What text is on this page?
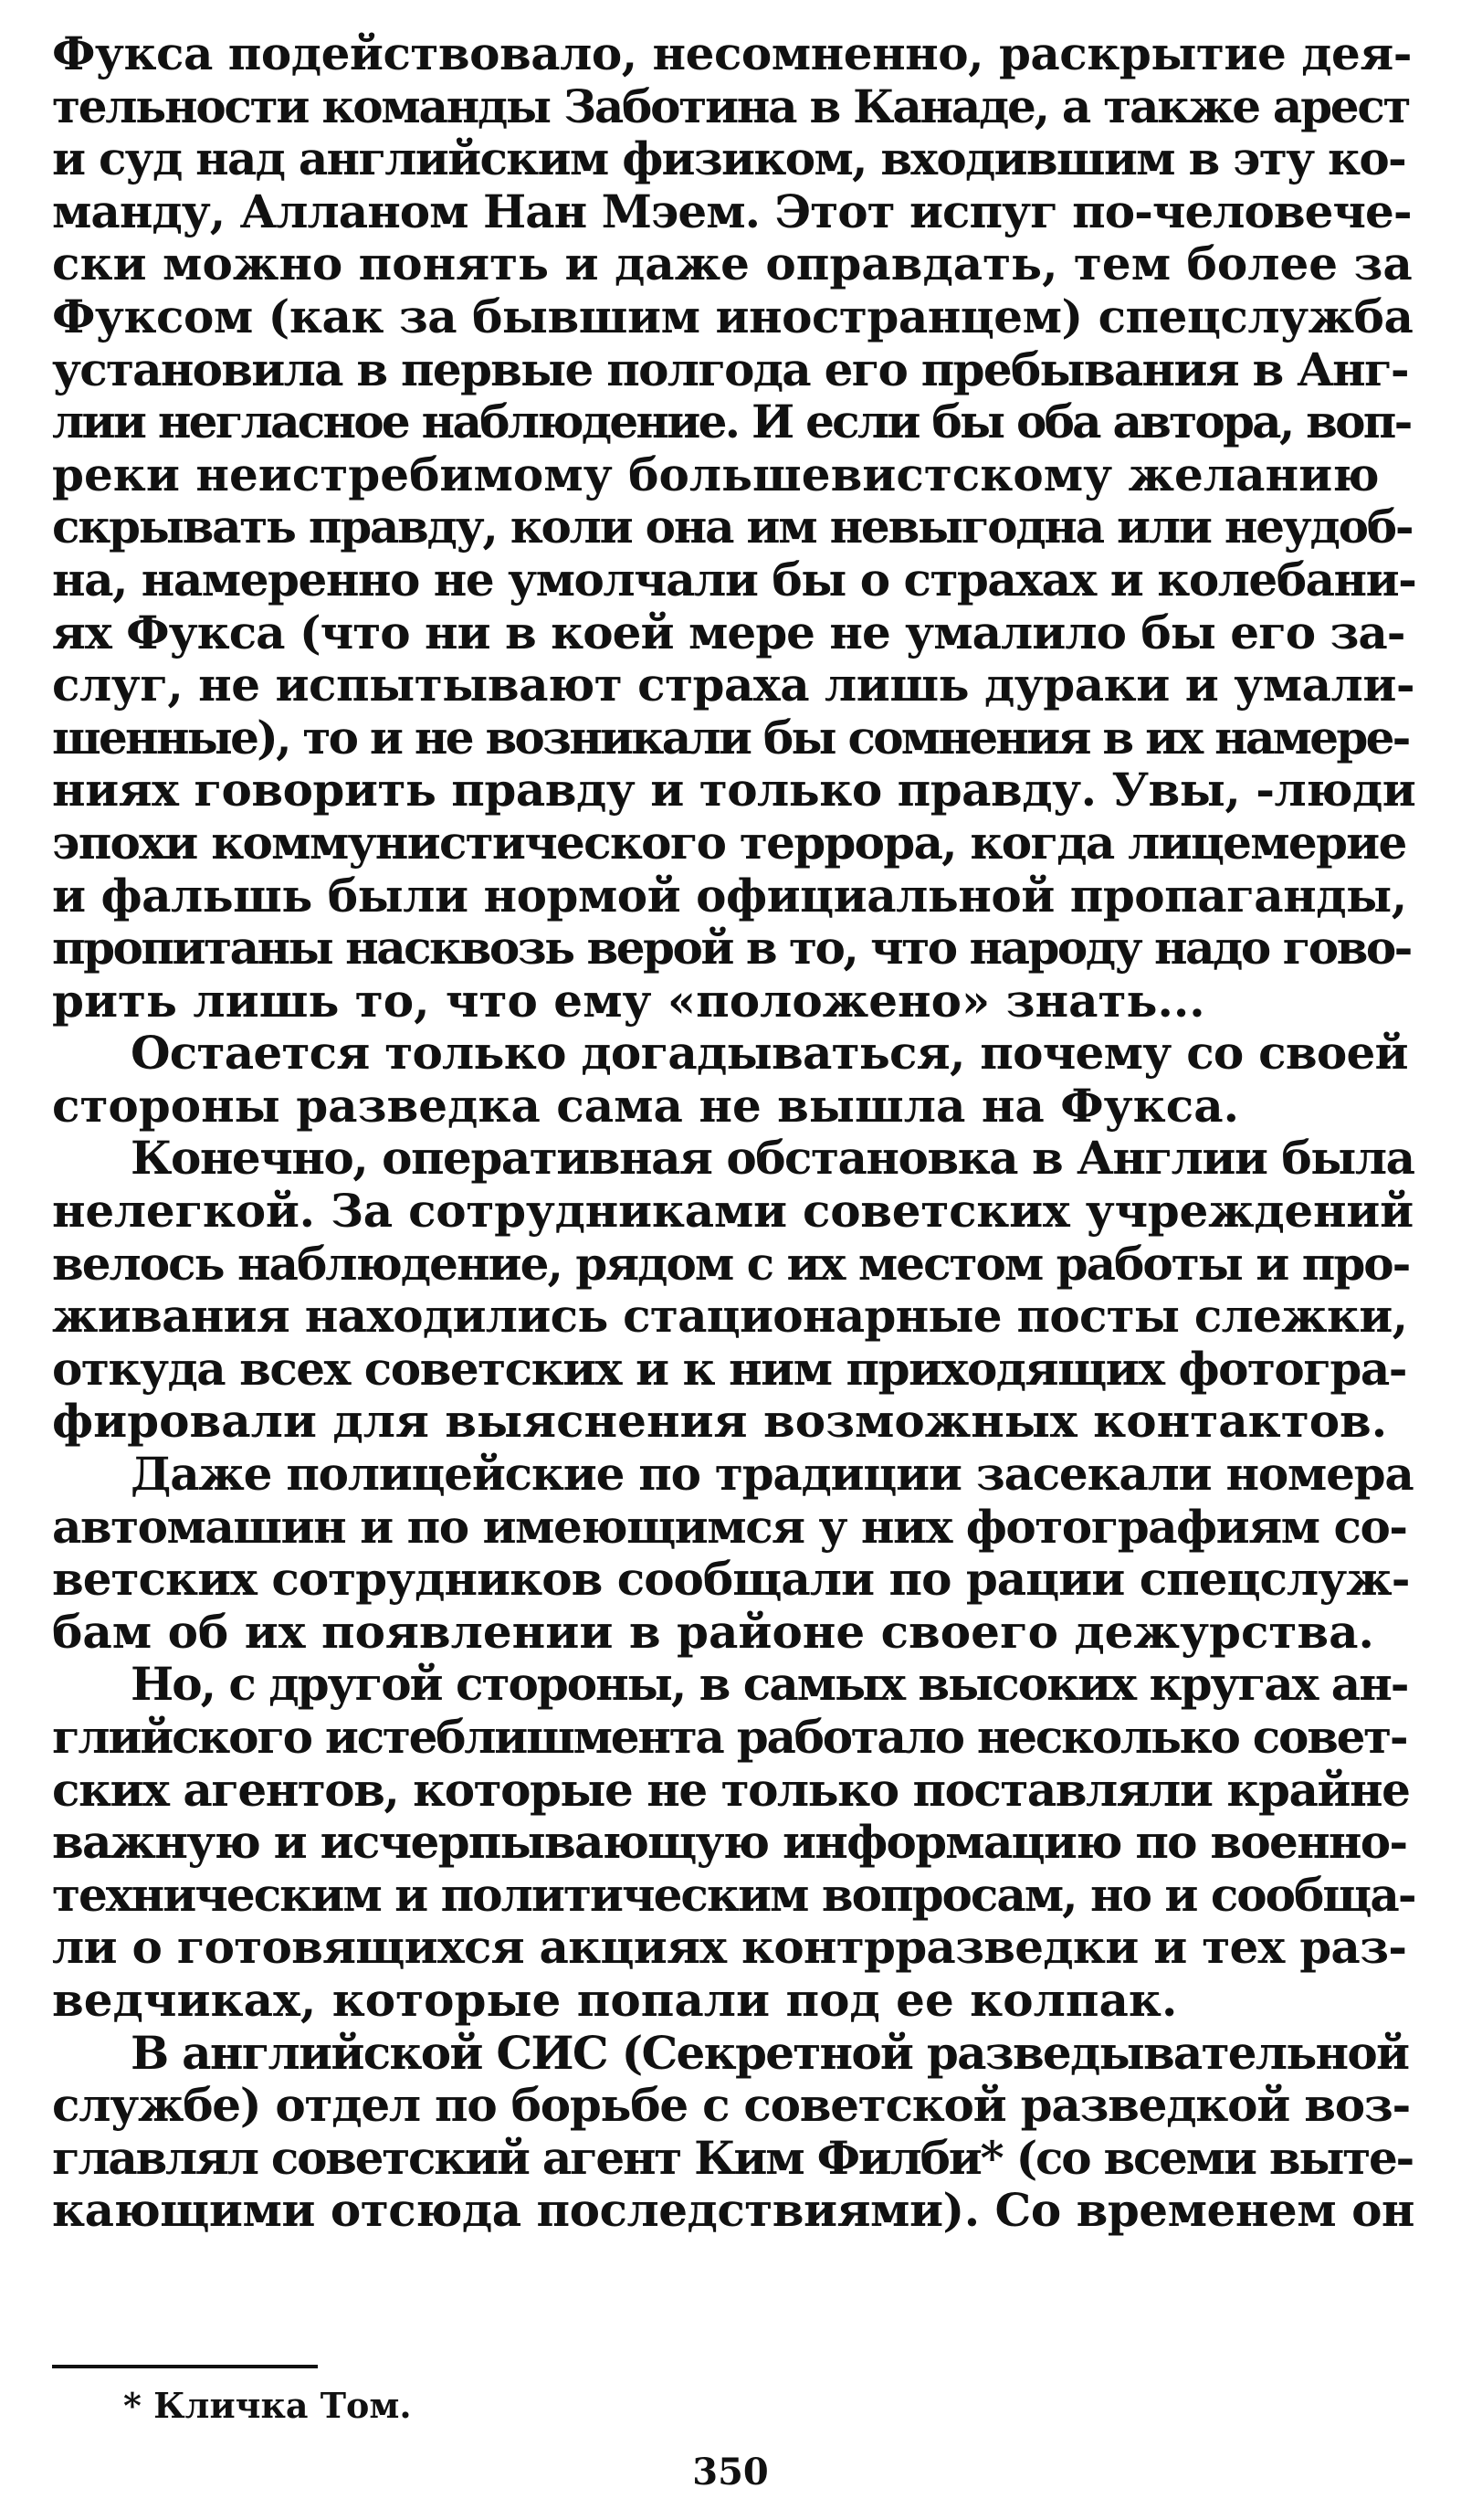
Фукса подействовало, несомненно, раскрытие дея-
тельности команды Заботина в Канаде, а также арест
и суд над английским физиком, входившим в эту ко-
манду, Алланом Нан Мэем. Этот испуг по-человече-
ски можно понять и даже оправдать, тем более за
Фуксом (как за бывшим иностранцем) спецслужба
установила в первые полгода его пребывания в Анг-
лии негласное наблюдение. И если бы оба автора, воп-
реки неистребимому большевистскому желанию
скрывать правду, коли она им невыгодна или неудоб-
на, намеренно не умолчали бы о страхах и колебани-
ях Фукса (что ни в коей мере не умалило бы его за-
слуг, не испытывают страха лишь дураки и умали-
шенные), то и не возникали бы сомнения в их намере-
ниях говорить правду и только правду. Увы, ‑люди
эпохи коммунистического террора, когда лицемерие
и фальшь были нормой официальной пропаганды,
пропитаны насквозь верой в то, что народу надо гово-
рить лишь то, что ему «положено» знать...
Остается только догадываться, почему со своей
стороны разведка сама не вышла на Фукса.
Конечно, оперативная обстановка в Англии была
нелегкой. За сотрудниками советских учреждений
велось наблюдение, рядом с их местом работы и про-
живания находились стационарные посты слежки,
откуда всех советских и к ним приходящих фотогра-
фировали для выяснения возможных контактов.
Даже полицейские по традиции засекали номера
автомашин и по имеющимся у них фотографиям со-
ветских сотрудников сообщали по рации спецслуж-
бам об их появлении в районе своего дежурства.
Но, с другой стороны, в самых высоких кругах ан-
глийского истеблишмента работало несколько совет-
ских агентов, которые не только поставляли крайне
важную и исчерпывающую информацию по военно-
техническим и политическим вопросам, но и сообща-
ли о готовящихся акциях контрразведки и тех раз-
ведчиках, которые попали под ее колпак.
В английской СИС (Секретной разведывательной
службе) отдел по борьбе с советской разведкой воз-
главлял советский агент Ким Филби* (со всеми выте-
кающими отсюда последствиями). Со временем он
* Кличка Том.
350
